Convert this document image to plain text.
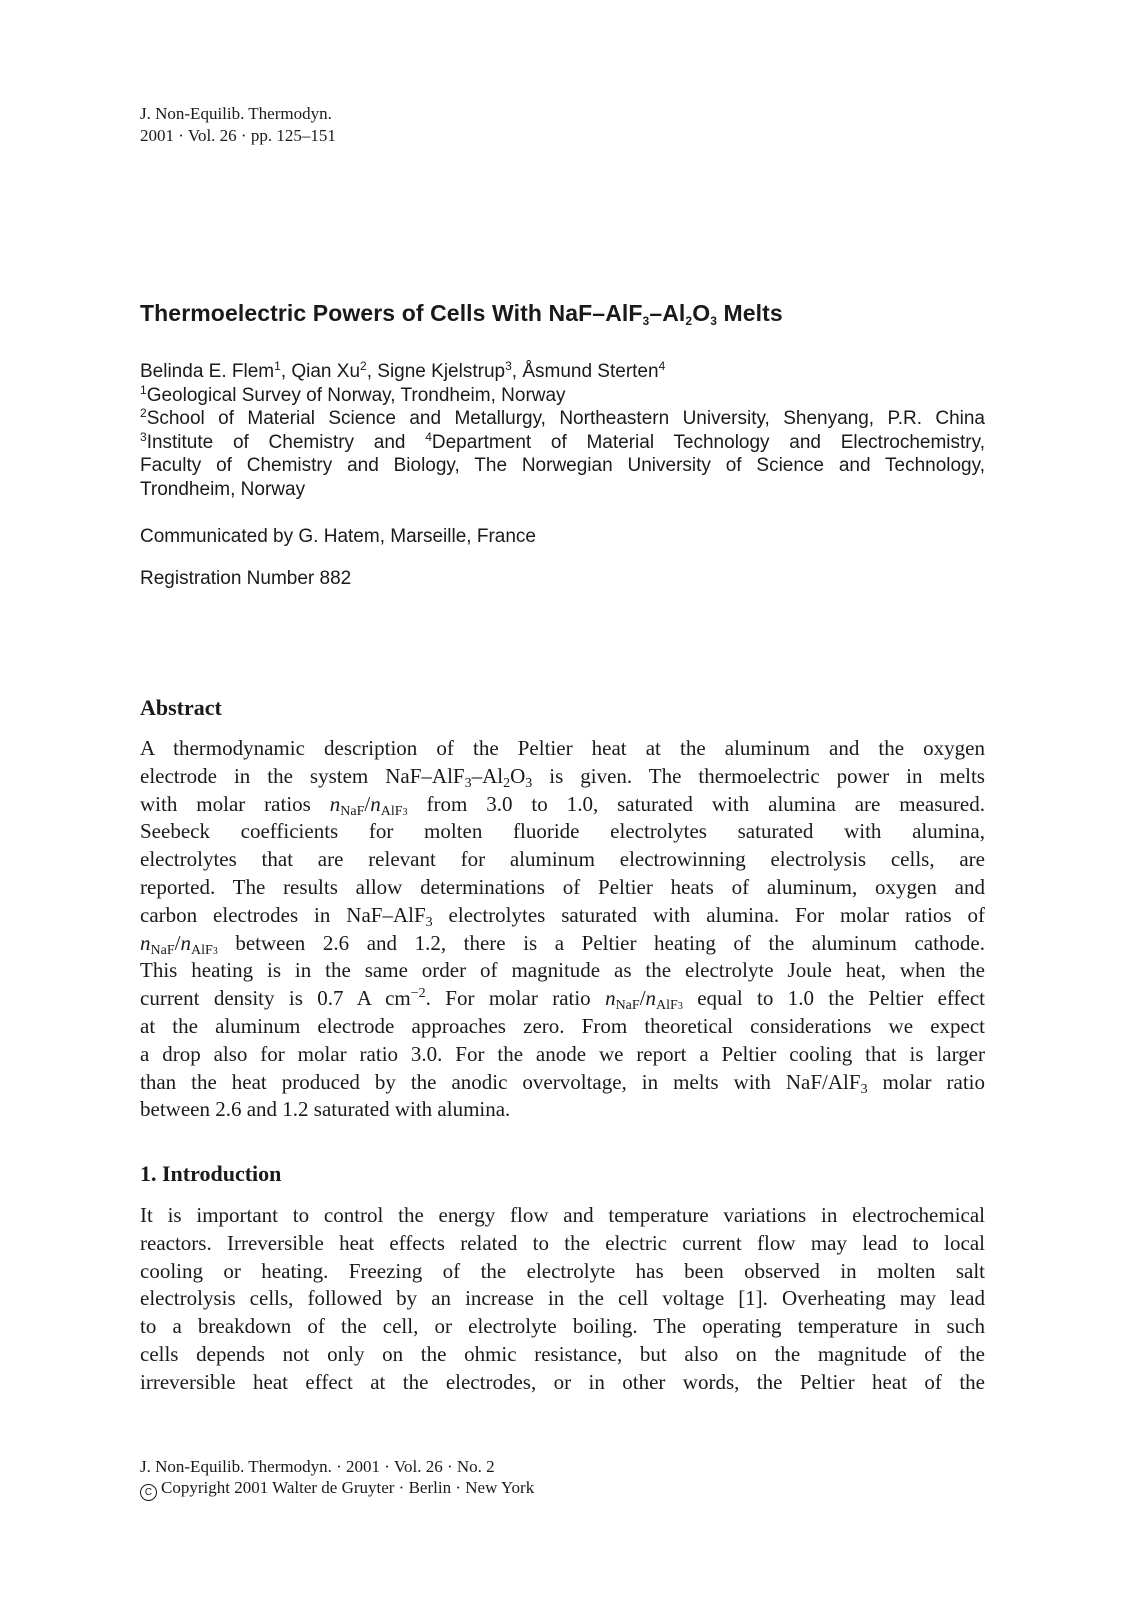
J. Non-Equilib. Thermodyn.
2001 · Vol. 26 · pp. 125–151
Thermoelectric Powers of Cells With NaF–$AlF_3-Al_2O_3$ Melts
Belinda E. Flem$^1$, Qian Xu$^2$, Signe Kjelstrup$^3$, Åsmund Sterten$^4$
$^1$Geological Survey of Norway, Trondheim, Norway
$^2$School of Material Science and Metallurgy, Northeastern University, Shenyang, P.R. China
$^3$Institute of Chemistry and $^4$Department of Material Technology and Electrochemistry,
Faculty of Chemistry and Biology, The Norwegian University of Science and Technology,
Trondheim, Norway
Communicated by G. Hatem, Marseille, France
Registration Number 882
Abstract
A thermodynamic description of the Peltier heat at the aluminum and the oxygen
electrode in the system NaF–AlF3–Al2O3 is given. The thermoelectric power in melts
with molar ratios nNaF/nAlF3 from 3.0 to 1.0, saturated with alumina are measured.
Seebeck coefficients for molten fluoride electrolytes saturated with alumina,
electrolytes that are relevant for aluminum electrowinning electrolysis cells, are
reported. The results allow determinations of Peltier heats of aluminum, oxygen and
carbon electrodes in NaF–AlF3 electrolytes saturated with alumina. For molar ratios of
nNaF/nAlF3 between 2.6 and 1.2, there is a Peltier heating of the aluminum cathode.
This heating is in the same order of magnitude as the electrolyte Joule heat, when the
current density is 0.7 A $cm^{-2}$. For molar ratio nNaF/nAlF3 equal to 1.0 the Peltier effect
at the aluminum electrode approaches zero. From theoretical considerations we expect
a drop also for molar ratio 3.0. For the anode we report a Peltier cooling that is larger
than the heat produced by the anodic overvoltage, in melts with NaF/AlF3 molar ratio
between 2.6 and 1.2 saturated with alumina.
1. Introduction
It is important to control the energy flow and temperature variations in electrochemical
reactors. Irreversible heat effects related to the electric current flow may lead to local
cooling or heating. Freezing of the electrolyte has been observed in molten salt
electrolysis cells, followed by an increase in the cell voltage [1]. Overheating may lead
to a breakdown of the cell, or electrolyte boiling. The operating temperature in such
cells depends not only on the ohmic resistance, but also on the magnitude of the
irreversible heat effect at the electrodes, or in other words, the Peltier heat of the
J. Non-Equilib. Thermodyn. · 2001 · Vol. 26 · No. 2
C Copyright 2001 Walter de Gruyter · Berlin · New York
